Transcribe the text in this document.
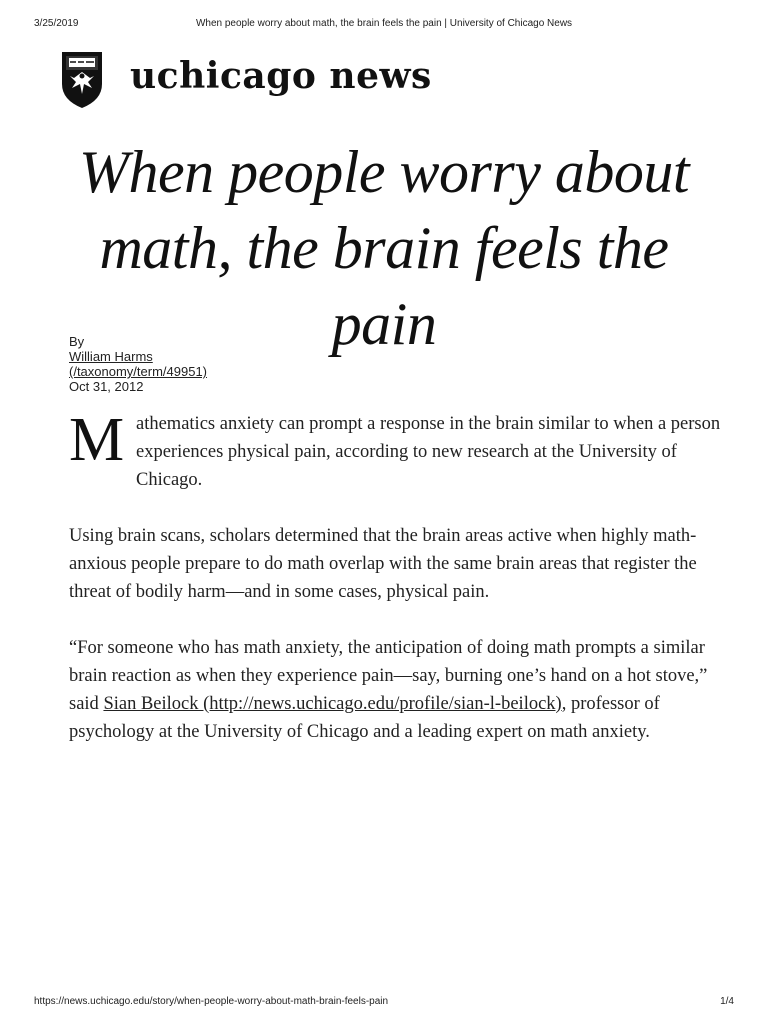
3/25/2019	When people worry about math, the brain feels the pain | University of Chicago News
uchicago news
When people worry about math, the brain feels the pain
By
William Harms
(/taxonomy/term/49951)
Oct 31, 2012

M athematics anxiety can prompt a response in the brain similar to when a person experiences physical pain, according to new research at the University of Chicago.

Using brain scans, scholars determined that the brain areas active when highly math-anxious people prepare to do math overlap with the same brain areas that register the threat of bodily harm—and in some cases, physical pain.

“For someone who has math anxiety, the anticipation of doing math prompts a similar brain reaction as when they experience pain—say, burning one’s hand on a hot stove,” said Sian Beilock (http://news.uchicago.edu/profile/sian-l-beilock), professor of psychology at the University of Chicago and a leading expert on math anxiety.

https://news.uchicago.edu/story/when-people-worry-about-math-brain-feels-pain	1/4
